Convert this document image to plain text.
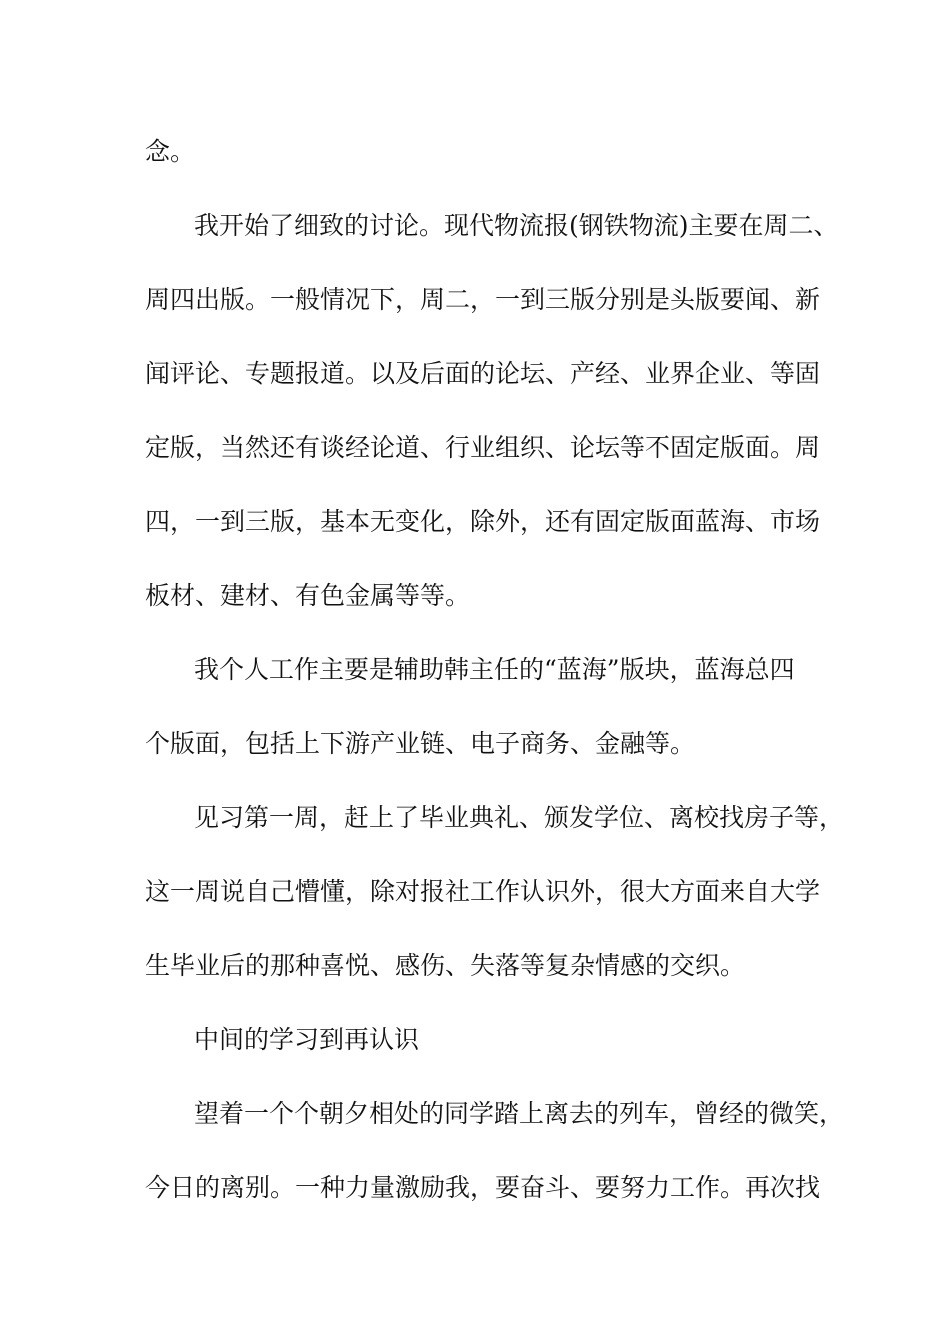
念。
我开始了细致的讨论。现代物流报(钢铁物流)主要在周二、
周四出版。一般情况下，周二，一到三版分别是头版要闻、新
闻评论、专题报道。以及后面的论坛、产经、业界企业、等固
定版，当然还有谈经论道、行业组织、论坛等不固定版面。周
四，一到三版，基本无变化，除外，还有固定版面蓝海、市场
板材、建材、有色金属等等。
我个人工作主要是辅助韩主任的“蓝海”版块，蓝海总四
个版面，包括上下游产业链、电子商务、金融等。
见习第一周，赶上了毕业典礼、颁发学位、离校找房子等，
这一周说自己懵懂，除对报社工作认识外，很大方面来自大学
生毕业后的那种喜悦、感伤、失落等复杂情感的交织。
中间的学习到再认识
望着一个个朝夕相处的同学踏上离去的列车，曾经的微笑，
今日的离别。一种力量激励我，要奋斗、要努力工作。再次找
